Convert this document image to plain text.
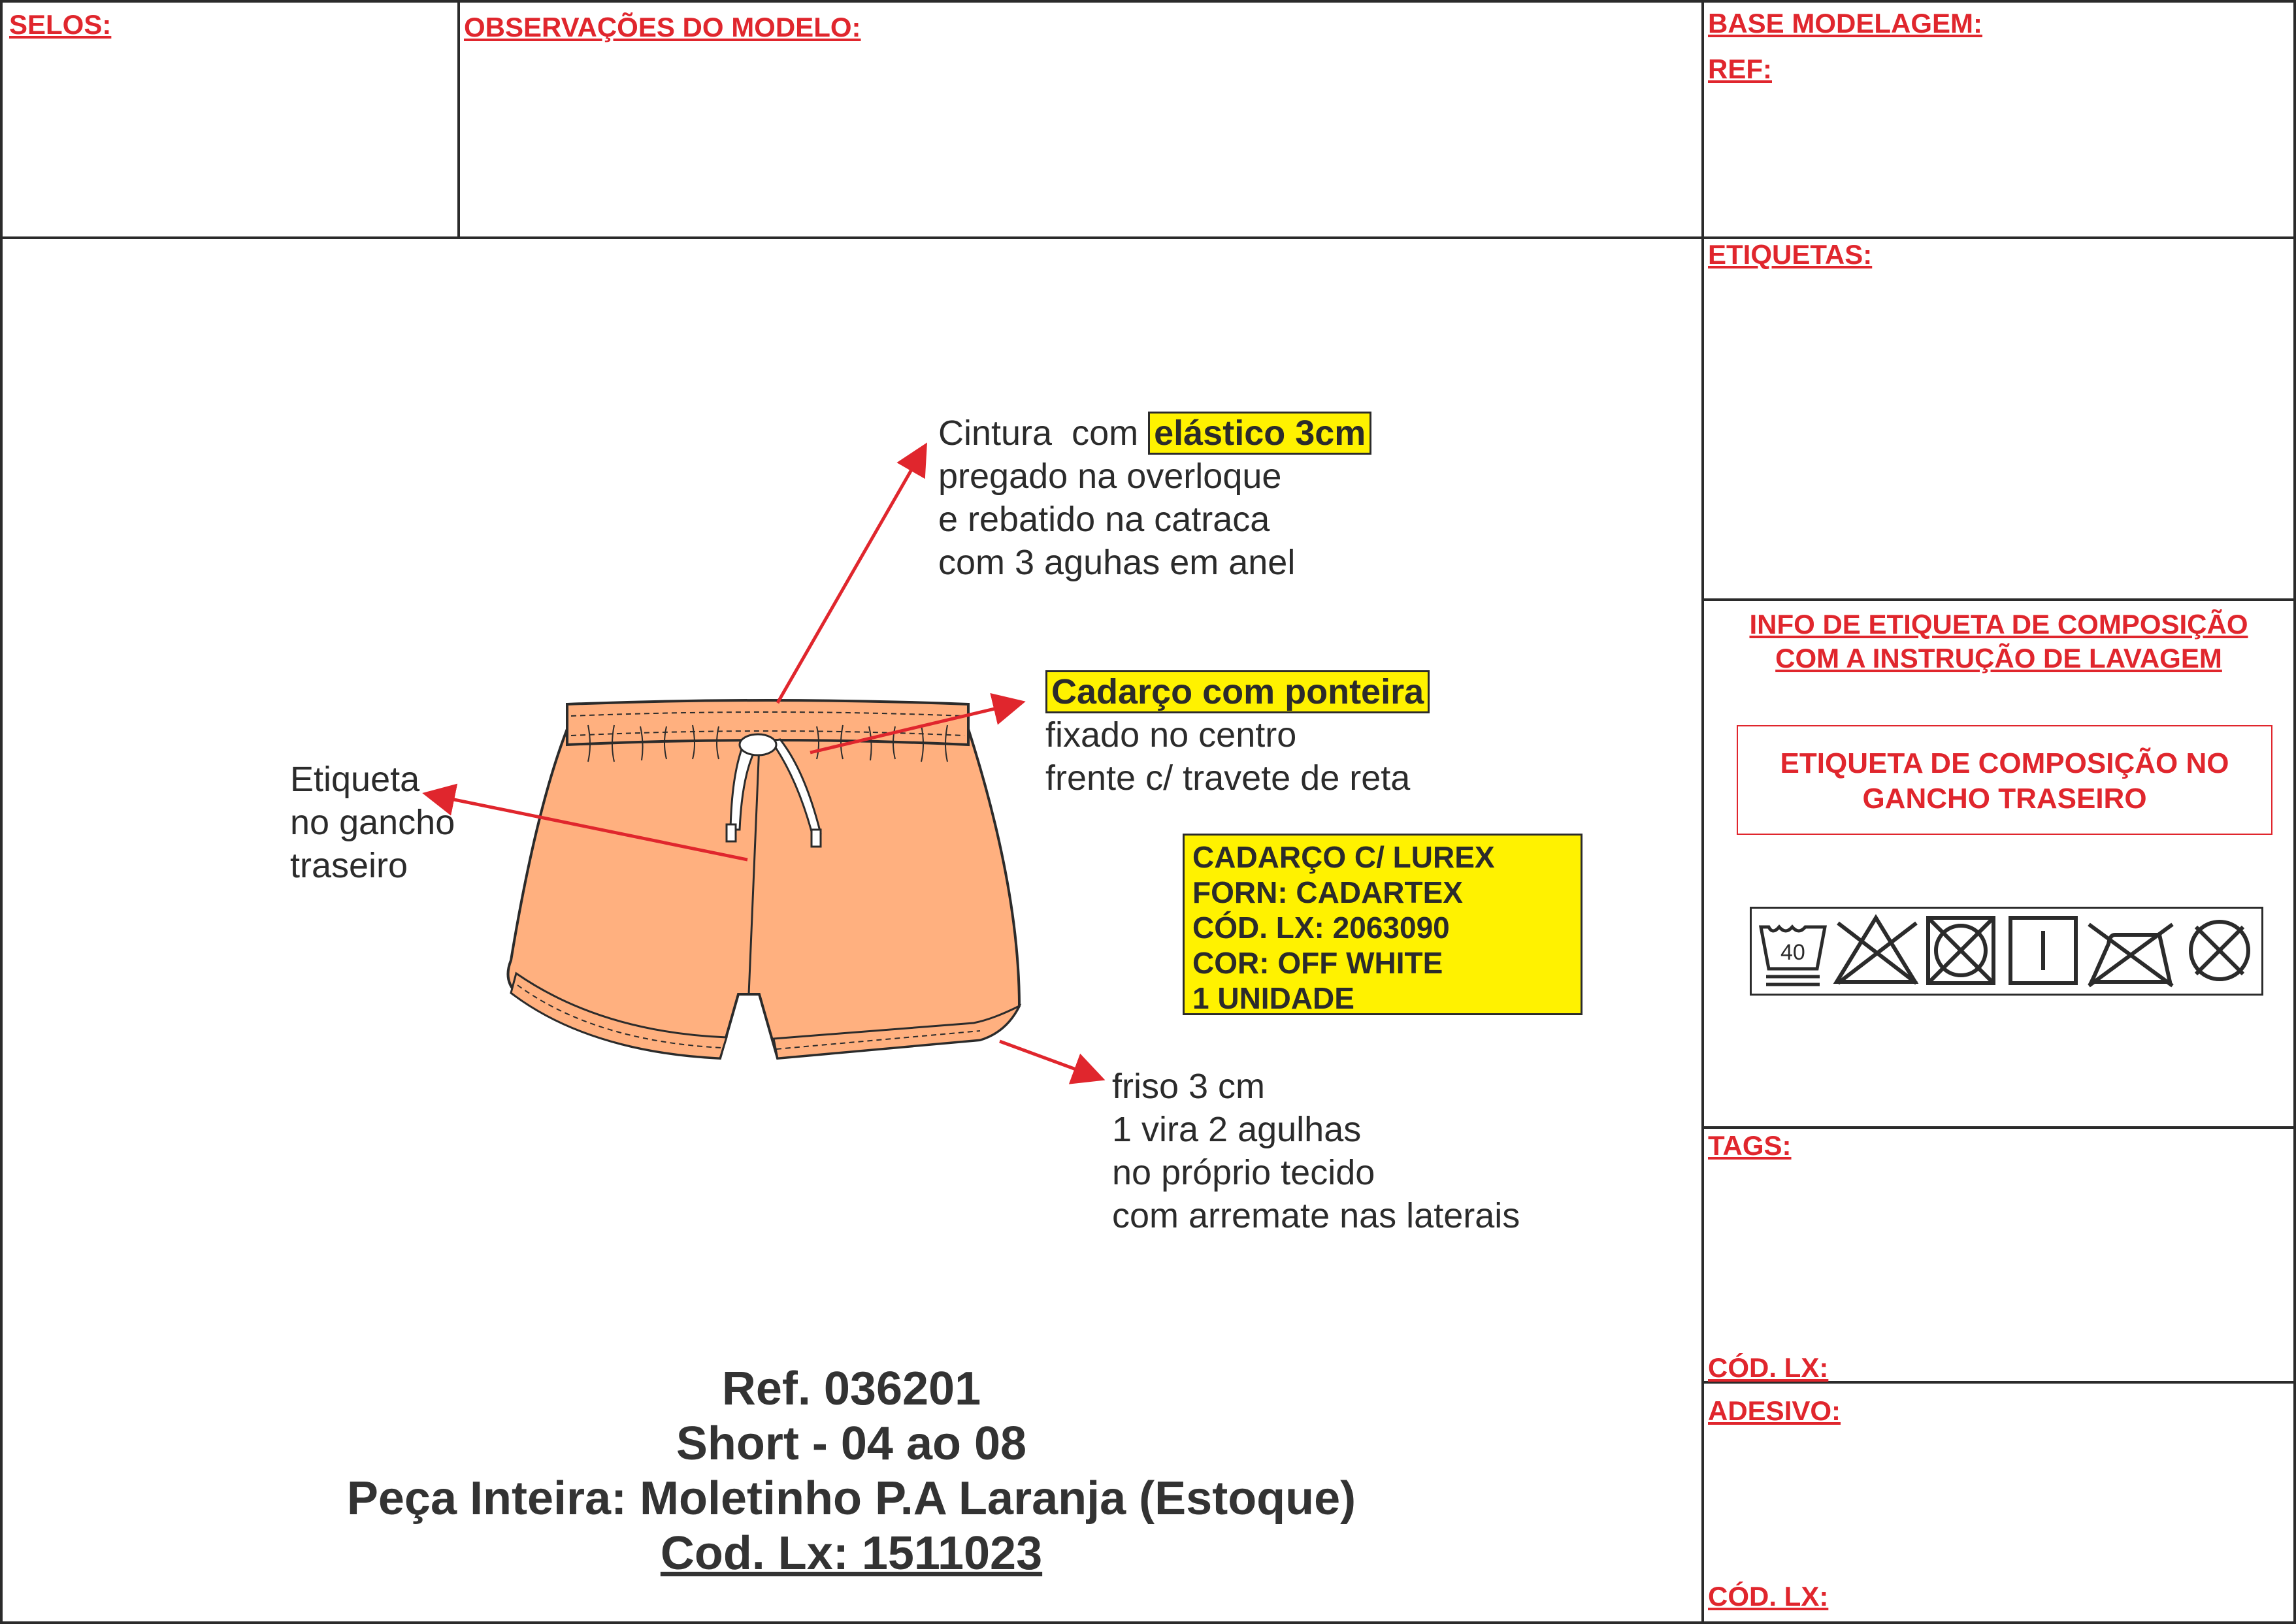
SELOS:	OBSERVAÇÕES DO MODELO:	BASE MODELAGEM:
REF:
ETIQUETAS:
INFO DE ETIQUETA DE COMPOSIÇÃO
COM A INSTRUÇÃO DE LAVAGEM
ETIQUETA DE COMPOSIÇÃO NO
GANCHO TRASEIRO
40
TAGS:
CÓD. LX:
ADESIVO:
CÓD. LX:
Cintura  com elástico 3cm
pregado na overloque
e rebatido na catraca
com 3 aguhas em anel
Cadarço com ponteira
fixado no centro
frente c/ travete de reta
Etiqueta
no gancho
traseiro	CADARÇO C/ LUREX
FORN: CADARTEX
CÓD. LX: 2063090
COR: OFF WHITE
1 UNIDADE
friso 3 cm
1 vira 2 agulhas
no próprio tecido
com arremate nas laterais
Ref. 036201
Short - 04 ao 08
Peça Inteira: Moletinho P.A Laranja (Estoque)
Cod. Lx: 1511023
